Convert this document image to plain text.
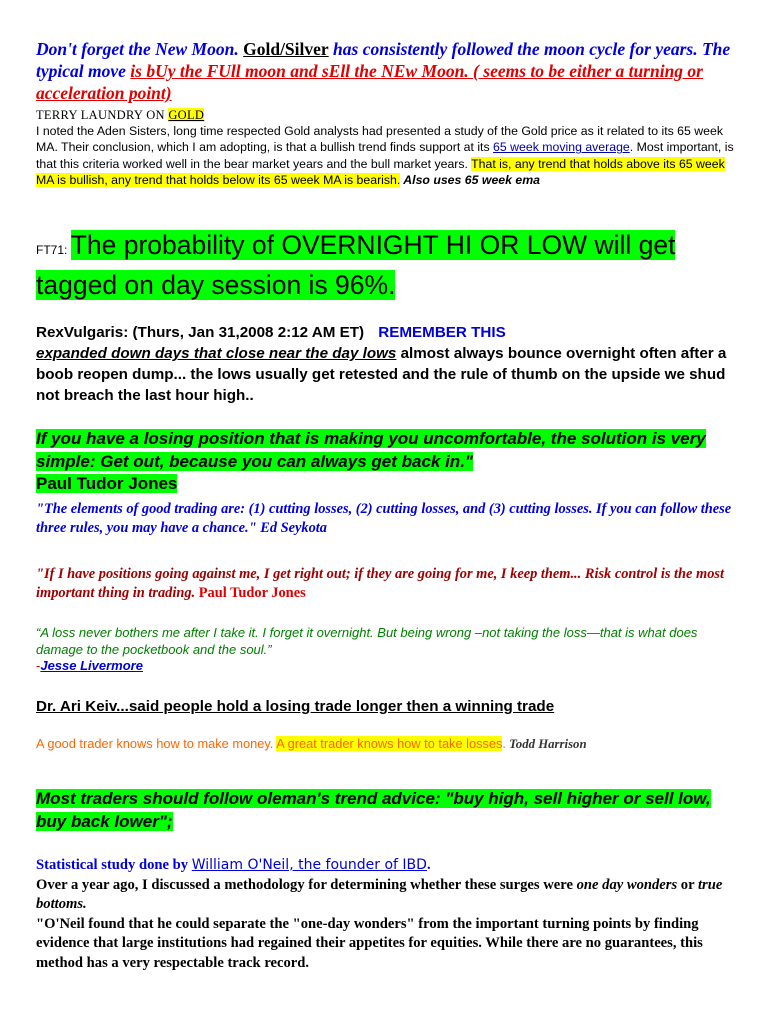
Don't forget the New Moon. Gold/Silver has consistently followed the moon cycle for years. The typical move is bUy the FUll moon and sEll the NEw Moon. ( seems to be either a turning or acceleration point)

TERRY LAUNDRY ON GOLD

I noted the Aden Sisters, long time respected Gold analysts had presented a study of the Gold price as it related to its 65 week MA. Their conclusion, which I am adopting, is that a bullish trend finds support at its 65 week moving average. Most important, is that this criteria worked well in the bear market years and the bull market years. That is, any trend that holds above its 65 week MA is bullish, any trend that holds below its 65 week MA is bearish. Also uses 65 week ema

FT71: The probability of OVERNIGHT HI OR LOW will get tagged on day session is 96%.

RexVulgaris: (Thurs, Jan 31,2008 2:12 AM ET) REMEMBER THIS
expanded down days that close near the day lows almost always bounce overnight often after a boob reopen dump... the lows usually get retested and the rule of thumb on the upside we shud not breach the last hour high..

If you have a losing position that is making you uncomfortable, the solution is very simple: Get out, because you can always get back in."
Paul Tudor Jones

"The elements of good trading are: (1) cutting losses, (2) cutting losses, and (3) cutting losses. If you can follow these three rules, you may have a chance." Ed Seykota

"If I have positions going against me, I get right out; if they are going for me, I keep them... Risk control is the most important thing in trading. Paul Tudor Jones

“A loss never bothers me after I take it. I forget it overnight. But being wrong –not taking the loss—that is what does damage to the pocketbook and the soul.”
-Jesse Livermore

Dr. Ari Keiv...said people hold a losing trade longer then a winning trade

A good trader knows how to make money. A great trader knows how to take losses. Todd Harrison

Most traders should follow oleman's trend advice: "buy high, sell higher or sell low, buy back lower";

Statistical study done by William O'Neil, the founder of IBD.
Over a year ago, I discussed a methodology for determining whether these surges were one day wonders or true bottoms.
"O'Neil found that he could separate the "one-day wonders" from the important turning points by finding evidence that large institutions had regained their appetites for equities. While there are no guarantees, this method has a very respectable track record.
